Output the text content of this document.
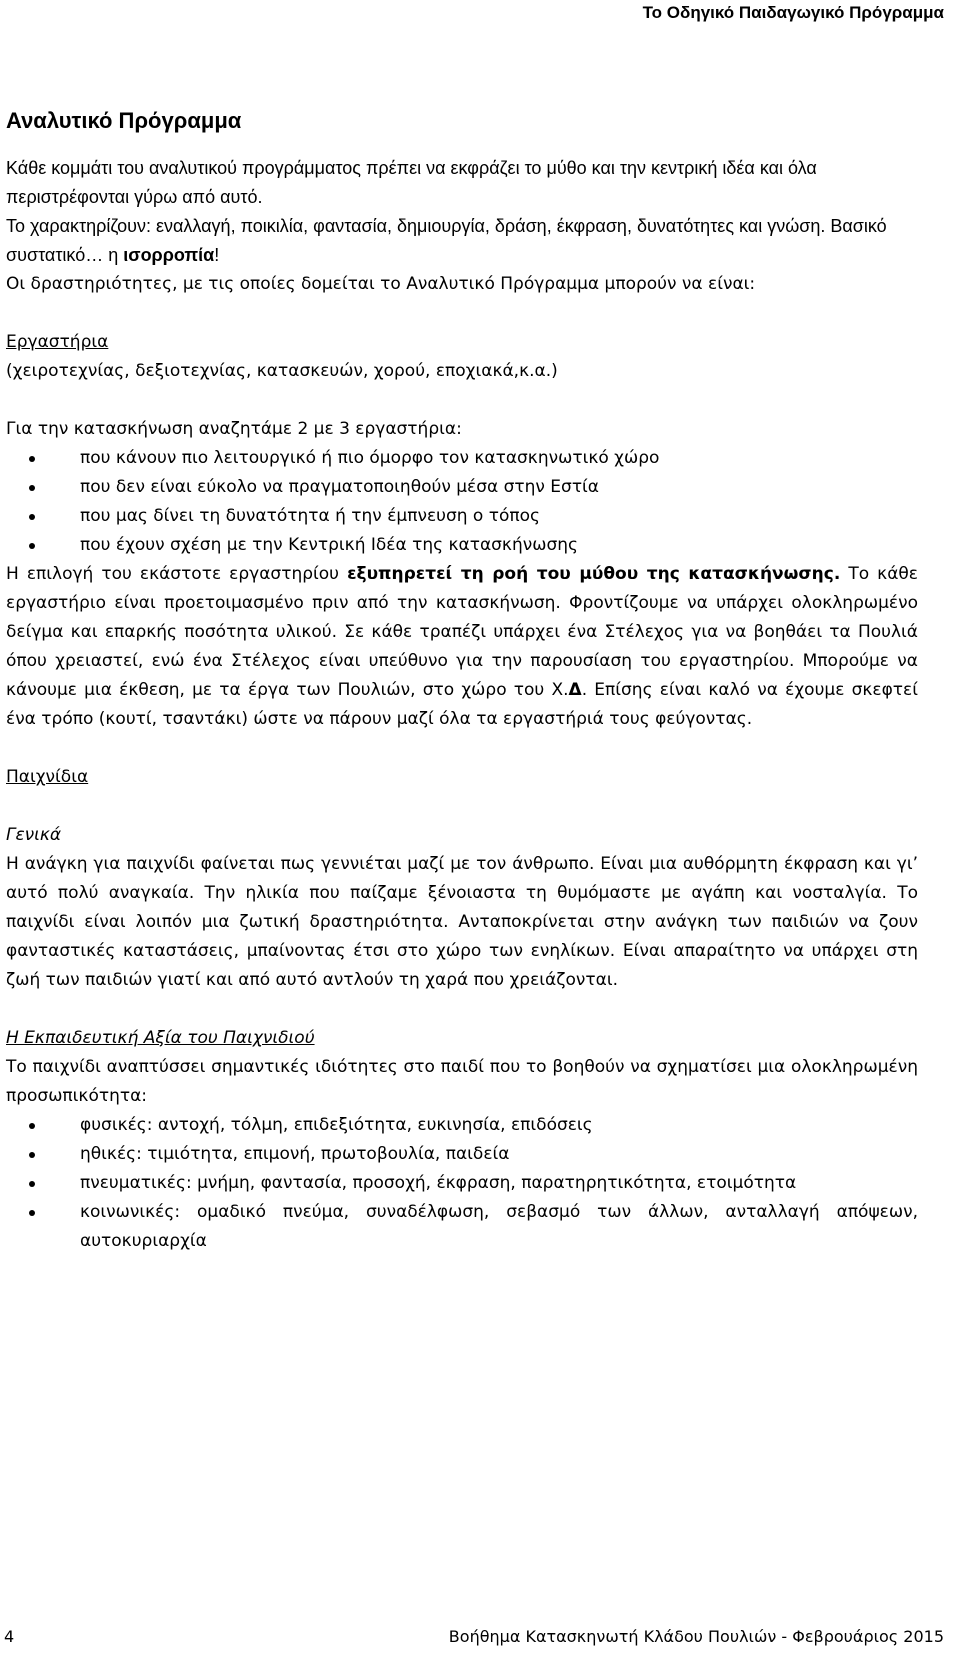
Το Οδηγικό Παιδαγωγικό Πρόγραμμα
Αναλυτικό Πρόγραμμα

Κάθε κομμάτι του αναλυτικού προγράμματος πρέπει να εκφράζει το μύθο και την κεντρική ιδέα και όλα περιστρέφονται γύρω από αυτό.

Το χαρακτηρίζουν: εναλλαγή, ποικιλία, φαντασία, δημιουργία, δράση, έκφραση, δυνατότητες και γνώση. Βασικό συστατικό… η ισορροπία!

Οι δραστηριότητες, με τις οποίες δομείται το Αναλυτικό Πρόγραμμα μπορούν να είναι:

Εργαστήρια

(χειροτεχνίας, δεξιοτεχνίας, κατασκευών, χορού, εποχιακά,κ.α.)

Για την κατασκήνωση αναζητάμε 2 με 3 εργαστήρια:

που κάνουν πιο λειτουργικό ή πιο όμορφο τον κατασκηνωτικό χώρο
που δεν είναι εύκολο να πραγματοποιηθούν μέσα στην Εστία
που μας δίνει τη δυνατότητα ή την έμπνευση ο τόπος
που έχουν σχέση με την Κεντρική Ιδέα της κατασκήνωσης

Η επιλογή του εκάστοτε εργαστηρίου εξυπηρετεί τη ροή του μύθου της κατασκήνωσης. Το κάθε εργαστήριο είναι προετοιμασμένο πριν από την κατασκήνωση. Φροντίζουμε να υπάρχει ολοκληρωμένο δείγμα και επαρκής ποσότητα υλικού. Σε κάθε τραπέζι υπάρχει ένα Στέλεχος για να βοηθάει τα Πουλιά όπου χρειαστεί, ενώ ένα Στέλεχος είναι υπεύθυνο για την παρουσίαση του εργαστηρίου. Μπορούμε να κάνουμε μια έκθεση, με τα έργα των Πουλιών, στο χώρο του Χ.Δ. Επίσης είναι καλό να έχουμε σκεφτεί ένα τρόπο (κουτί, τσαντάκι) ώστε να πάρουν μαζί όλα τα εργαστήριά τους φεύγοντας.

Παιχνίδια

Γενικά

Η ανάγκη για παιχνίδι φαίνεται πως γεννιέται μαζί με τον άνθρωπο. Είναι μια αυθόρμητη έκφραση και γι’ αυτό πολύ αναγκαία. Την ηλικία που παίζαμε ξένοιαστα τη θυμόμαστε με αγάπη και νοσταλγία. Το παιχνίδι είναι λοιπόν μια ζωτική δραστηριότητα. Ανταποκρίνεται στην ανάγκη των παιδιών να ζουν φανταστικές καταστάσεις, μπαίνοντας έτσι στο χώρο των ενηλίκων. Είναι απαραίτητο να υπάρχει στη ζωή των παιδιών γιατί και από αυτό αντλούν τη χαρά που χρειάζονται.

Η Εκπαιδευτική Αξία του Παιχνιδιού

Το παιχνίδι αναπτύσσει σημαντικές ιδιότητες στο παιδί που το βοηθούν να σχηματίσει μια ολοκληρωμένη προσωπικότητα:

φυσικές: αντοχή, τόλμη, επιδεξιότητα, ευκινησία, επιδόσεις
ηθικές: τιμιότητα, επιμονή, πρωτοβουλία, παιδεία
πνευματικές: μνήμη, φαντασία, προσοχή, έκφραση, παρατηρητικότητα, ετοιμότητα
κοινωνικές: ομαδικό πνεύμα, συναδέλφωση, σεβασμό των άλλων, ανταλλαγή απόψεων, αυτοκυριαρχία
4	Βοήθημα Κατασκηνωτή Κλάδου Πουλιών - Φεβρουάριος 2015
